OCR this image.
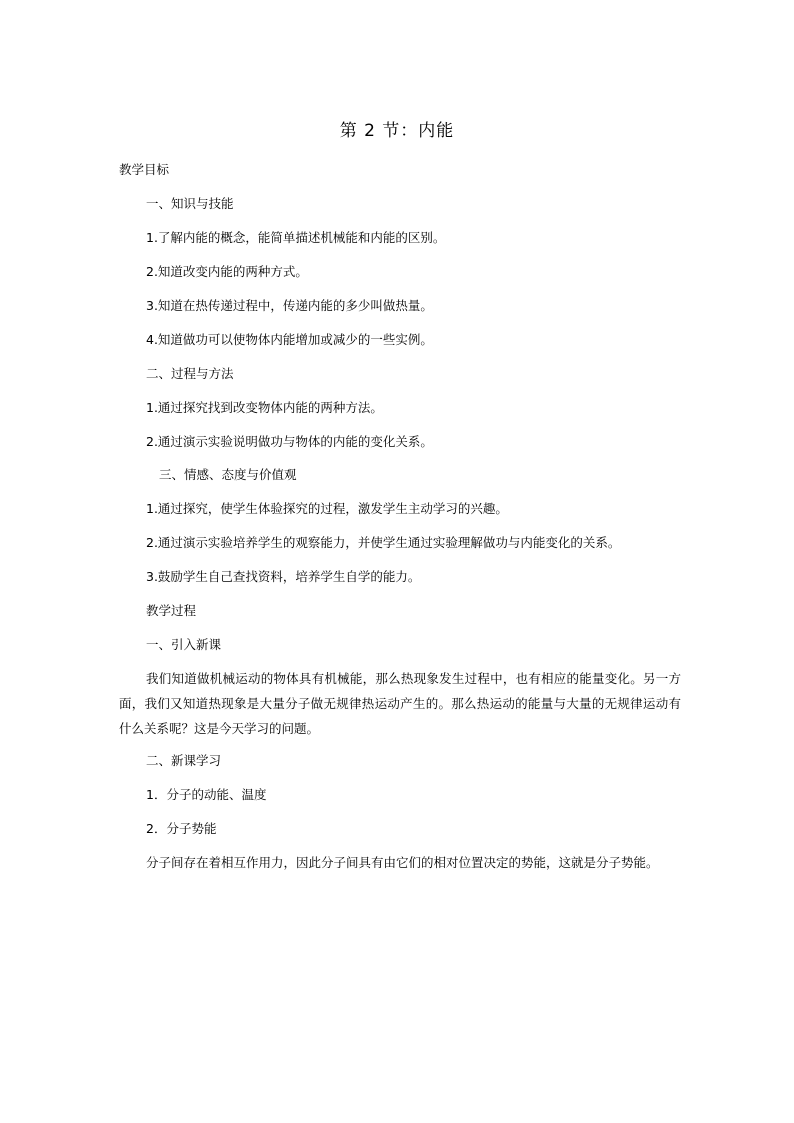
第 2 节：内能
教学目标
一、知识与技能
1.了解内能的概念，能简单描述机械能和内能的区别。
2.知道改变内能的两种方式。
3.知道在热传递过程中，传递内能的多少叫做热量。
4.知道做功可以使物体内能增加或减少的一些实例。
二、过程与方法
1.通过探究找到改变物体内能的两种方法。
2.通过演示实验说明做功与物体的内能的变化关系。
三、情感、态度与价值观
1.通过探究，使学生体验探究的过程，激发学生主动学习的兴趣。
2.通过演示实验培养学生的观察能力，并使学生通过实验理解做功与内能变化的关系。
3.鼓励学生自己查找资料，培养学生自学的能力。
教学过程
一、引入新课
我们知道做机械运动的物体具有机械能，那么热现象发生过程中，也有相应的能量变化。另一方面，我们又知道热现象是大量分子做无规律热运动产生的。那么热运动的能量与大量的无规律运动有什么关系呢？这是今天学习的问题。
二、新课学习
1．分子的动能、温度
2．分子势能
分子间存在着相互作用力，因此分子间具有由它们的相对位置决定的势能，这就是分子势能。
